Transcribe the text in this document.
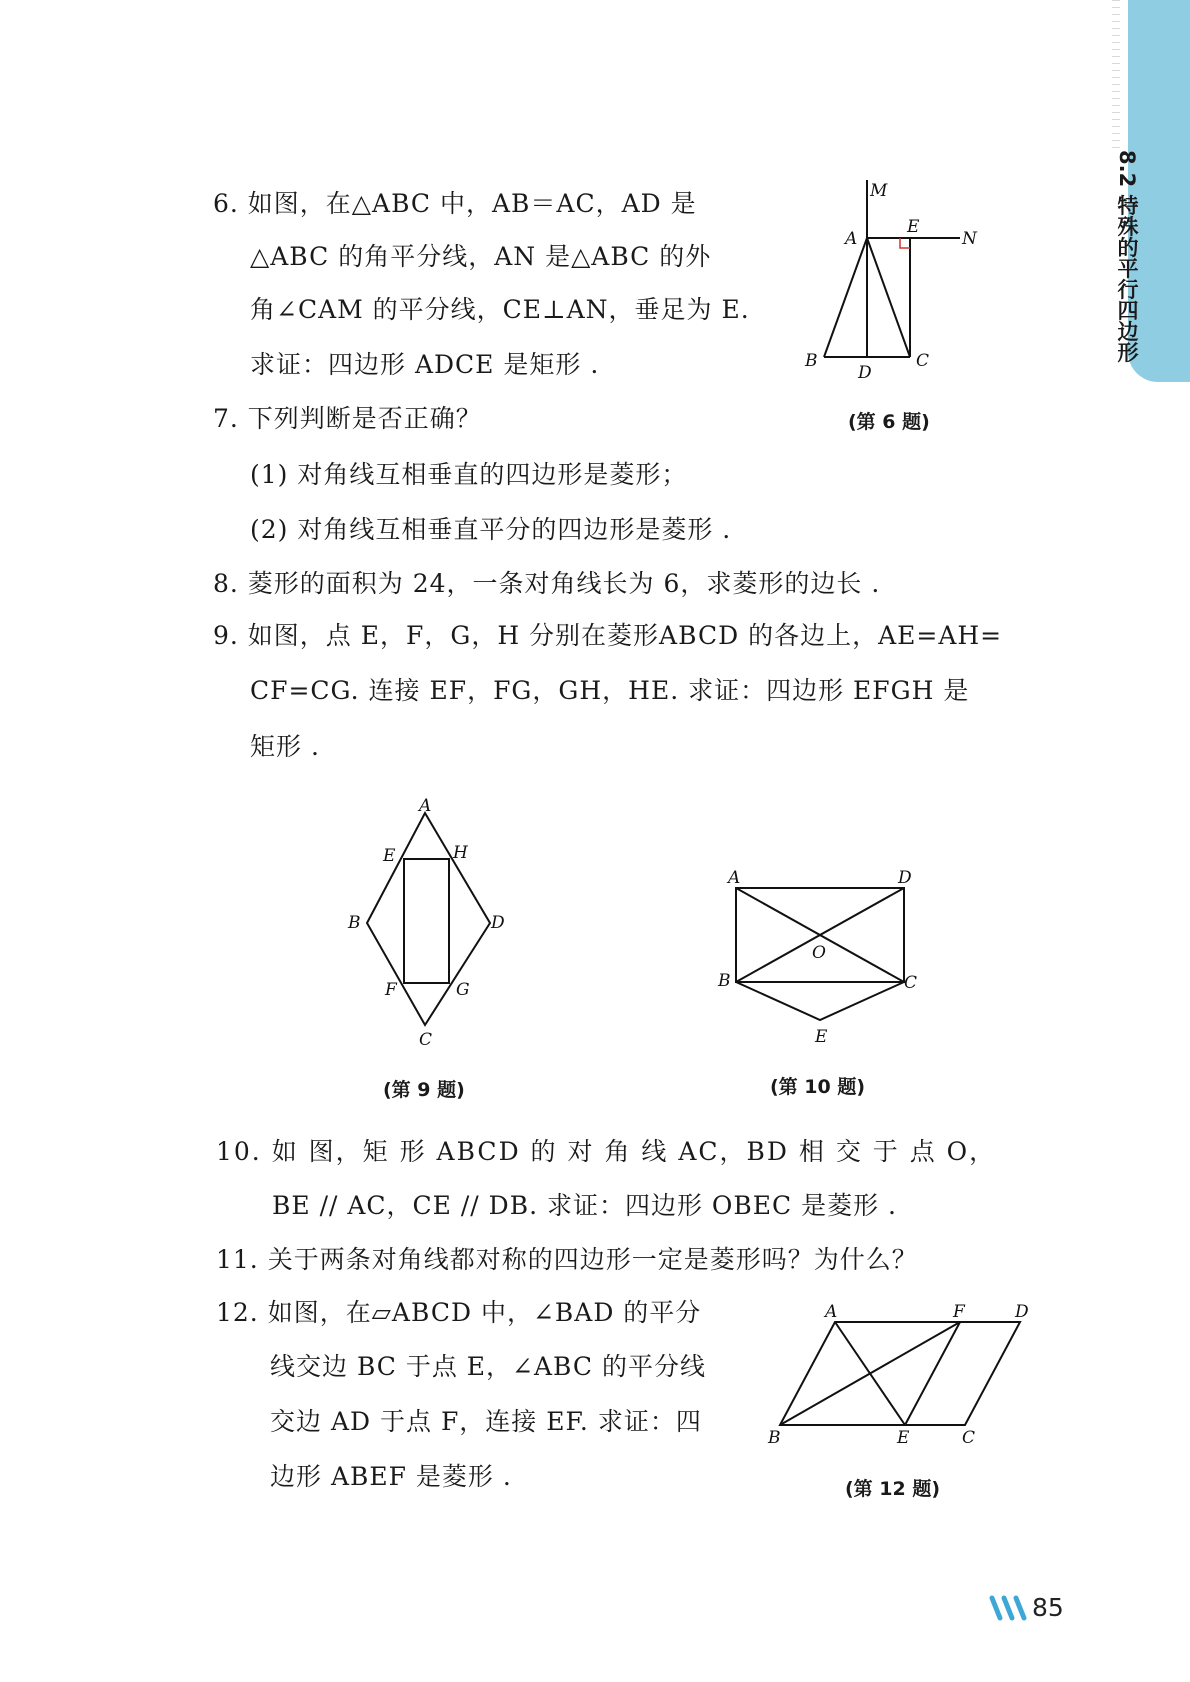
8.2 特殊的平行四边形
6. 如图，在△ABC 中，AB＝AC，AD 是
△ABC 的角平分线，AN 是△ABC 的外
角∠CAM 的平分线，CE⊥AN，垂足为 E.
求证：四边形 ADCE 是矩形 .
M
A
E
N
B
D
C
(第 6 题)
7. 下列判断是否正确？
(1) 对角线互相垂直的四边形是菱形；
(2) 对角线互相垂直平分的四边形是菱形 .
8. 菱形的面积为 24，一条对角线长为 6，求菱形的边长 .
9. 如图，点 E，F，G，H 分别在菱形ABCD 的各边上，AE=AH=
CF=CG. 连接 EF，FG，GH，HE. 求证：四边形 EFGH 是
矩形 .
A
E	H
B	D
F	G
C
(第 9 题)
A	D
O
B	C
E
(第 10 题)
10. 如 图，矩 形 ABCD 的 对 角 线 AC，BD 相 交 于 点 O，
BE // AC，CE // DB. 求证：四边形 OBEC 是菱形 .
11. 关于两条对角线都对称的四边形一定是菱形吗？为什么？
12. 如图，在▱ABCD 中，∠BAD 的平分
线交边 BC 于点 E，∠ABC 的平分线
交边 AD 于点 F，连接 EF. 求证：四
边形 ABEF 是菱形 .
A	F	D
B	E	C
(第 12 题)
85
